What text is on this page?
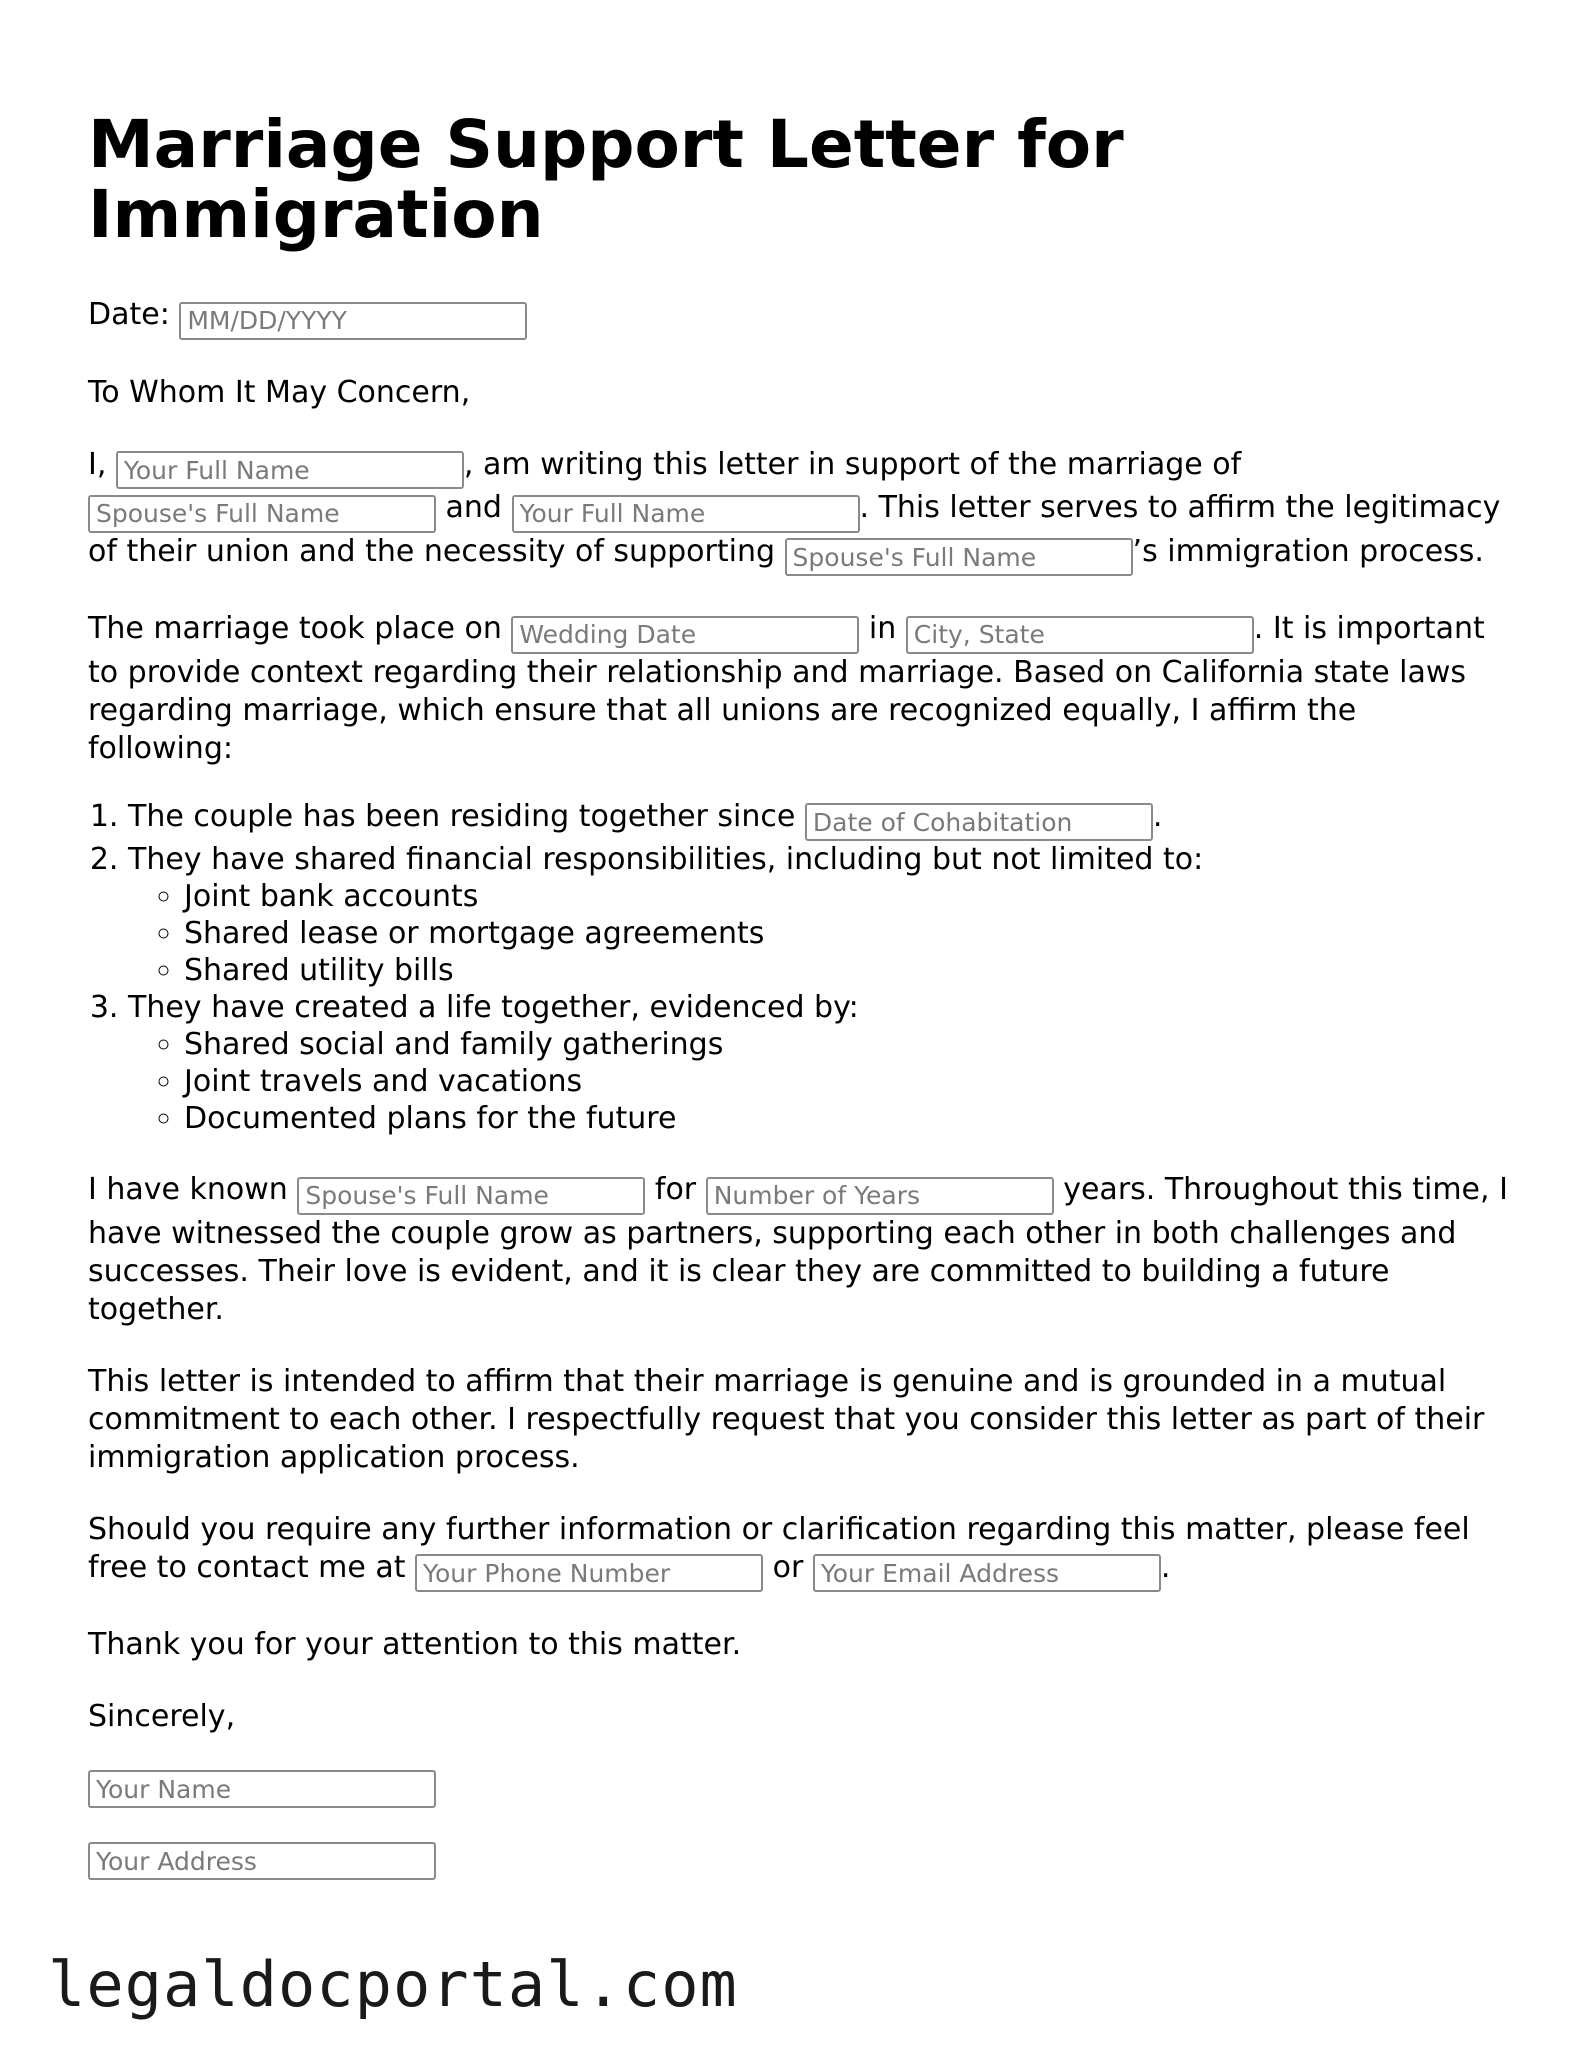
Marriage Support Letter for Immigration

Date: MM/DD/YYYY

To Whom It May Concern,

I, Your Full Name	, am writing this letter in support of the marriage of Spouse's Full Name and Your Full Name	. This letter serves to affirm the legitimacy of their union and the necessity of supporting Spouse's Full Name	’s immigration process.

The marriage took place on Wedding Date	in City, State	. It is important to provide context regarding their relationship and marriage. Based on California state laws regarding marriage, which ensure that all unions are recognized equally, I affirm the following:

1. The couple has been residing together since Date of Cohabitation	.
2. They have shared financial responsibilities, including but not limited to:
◦ Joint bank accounts
◦ Shared lease or mortgage agreements
◦ Shared utility bills
3. They have created a life together, evidenced by:
◦ Shared social and family gatherings
◦ Joint travels and vacations
◦ Documented plans for the future

I have known Spouse's Full Name	for Number of Years	years. Throughout this time, I have witnessed the couple grow as partners, supporting each other in both challenges and successes. Their love is evident, and it is clear they are committed to building a future together.

This letter is intended to affirm that their marriage is genuine and is grounded in a mutual commitment to each other. I respectfully request that you consider this letter as part of their immigration application process.

Should you require any further information or clarification regarding this matter, please feel free to contact me at Your Phone Number	or Your Email Address	.

Thank you for your attention to this matter.

Sincerely,

Your Name
Your Address
legaldocportal.com
